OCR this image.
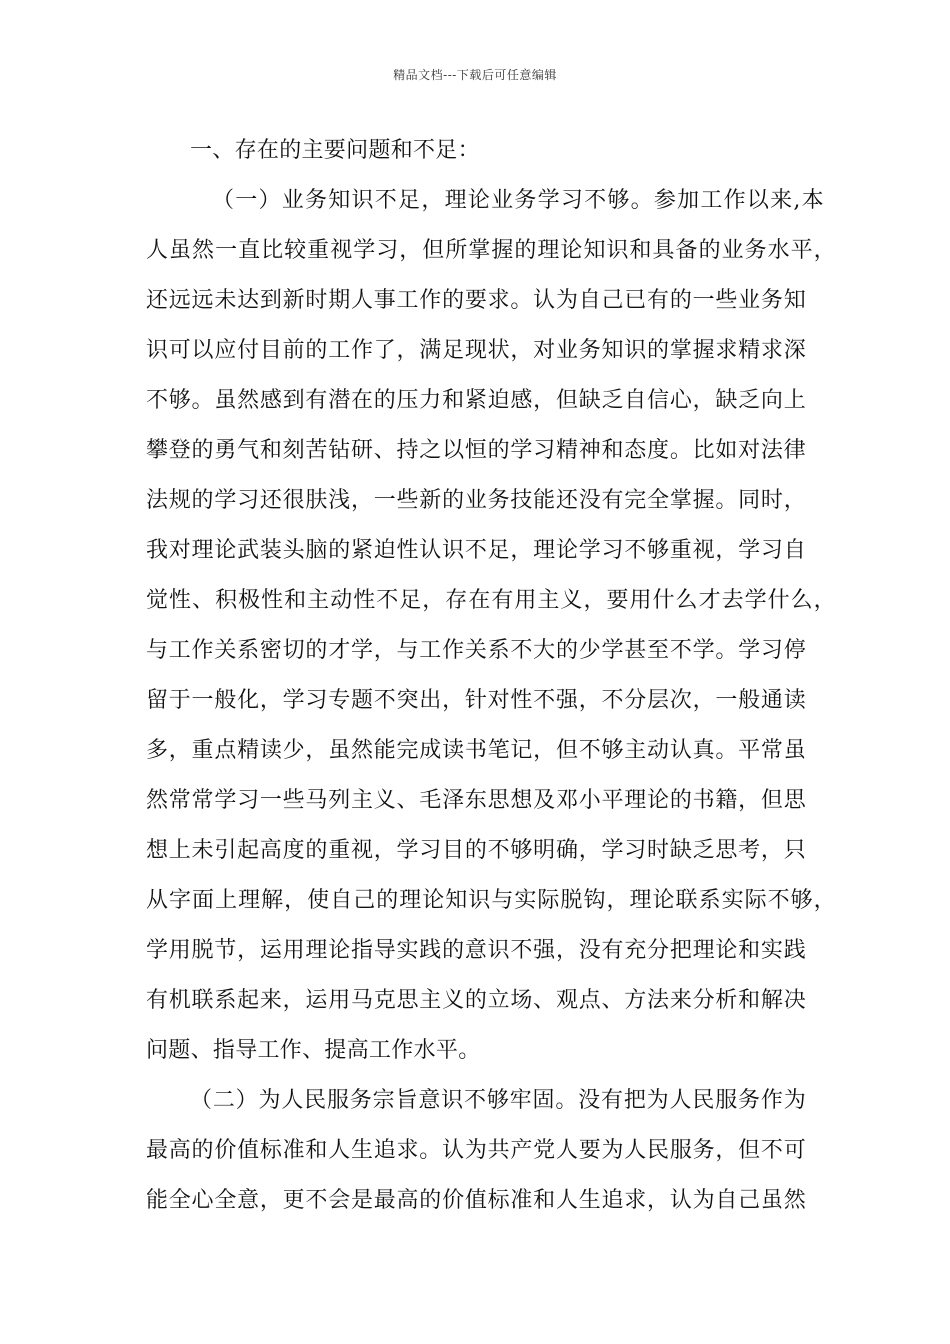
精品文档---下载后可任意编辑
一、存在的主要问题和不足：
（一）业务知识不足，理论业务学习不够。参加工作以来,本
人虽然一直比较重视学习，但所掌握的理论知识和具备的业务水平，
还远远未达到新时期人事工作的要求。认为自己已有的一些业务知
识可以应付目前的工作了，满足现状，对业务知识的掌握求精求深
不够。虽然感到有潜在的压力和紧迫感，但缺乏自信心，缺乏向上
攀登的勇气和刻苦钻研、持之以恒的学习精神和态度。比如对法律
法规的学习还很肤浅，一些新的业务技能还没有完全掌握。同时，
我对理论武装头脑的紧迫性认识不足，理论学习不够重视，学习自
觉性、积极性和主动性不足，存在有用主义，要用什么才去学什么，
与工作关系密切的才学，与工作关系不大的少学甚至不学。学习停
留于一般化，学习专题不突出，针对性不强，不分层次，一般通读
多，重点精读少，虽然能完成读书笔记，但不够主动认真。平常虽
然常常学习一些马列主义、毛泽东思想及邓小平理论的书籍，但思
想上未引起高度的重视，学习目的不够明确，学习时缺乏思考，只
从字面上理解，使自己的理论知识与实际脱钩，理论联系实际不够，
学用脱节，运用理论指导实践的意识不强，没有充分把理论和实践
有机联系起来，运用马克思主义的立场、观点、方法来分析和解决
问题、指导工作、提高工作水平。
（二）为人民服务宗旨意识不够牢固。没有把为人民服务作为
最高的价值标准和人生追求。认为共产党人要为人民服务，但不可
能全心全意，更不会是最高的价值标准和人生追求，认为自己虽然
